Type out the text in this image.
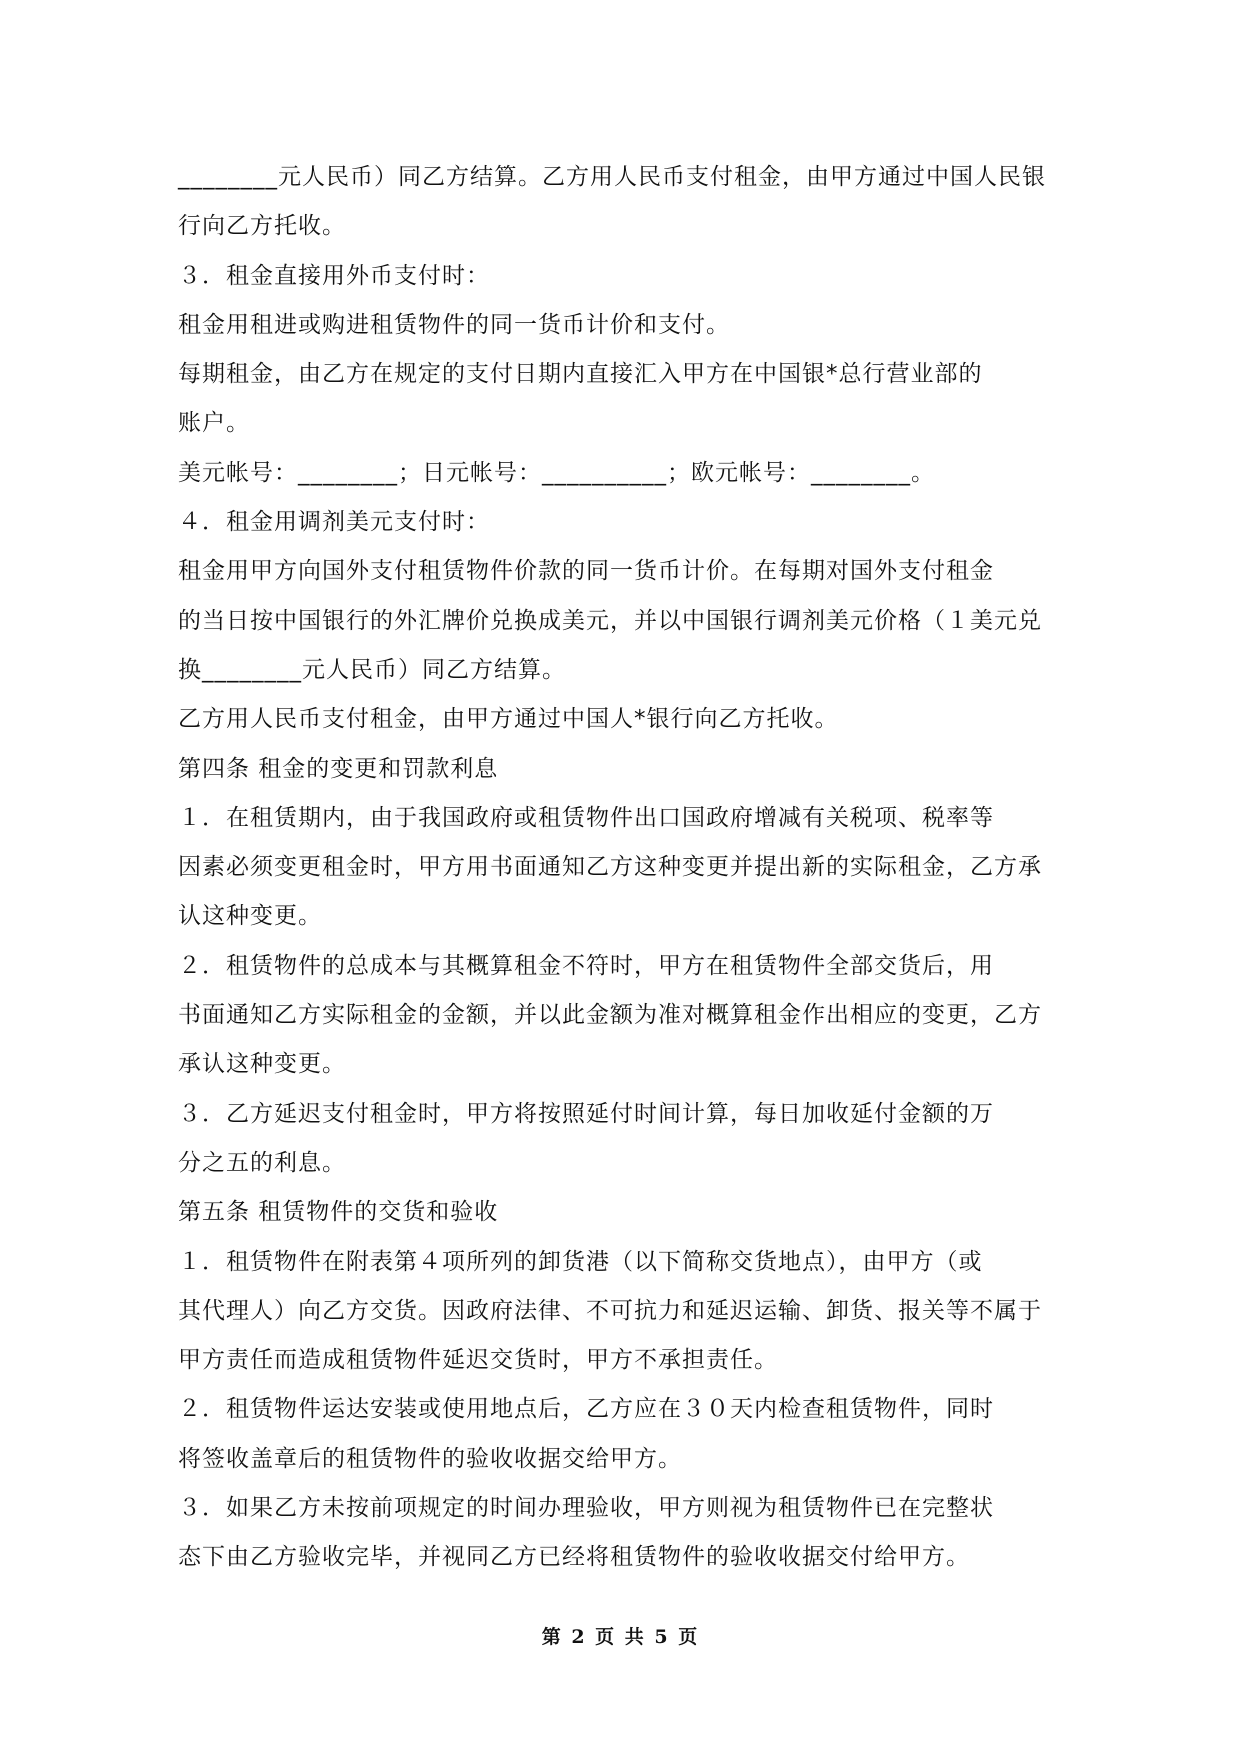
________元人民币）同乙方结算。乙方用人民币支付租金，由甲方通过中国人民银
行向乙方托收。
３．租金直接用外币支付时：
租金用租进或购进租赁物件的同一货币计价和支付。
每期租金，由乙方在规定的支付日期内直接汇入甲方在中国银*总行营业部的
账户。
美元帐号：________；日元帐号：__________；欧元帐号：________。
４．租金用调剂美元支付时：
租金用甲方向国外支付租赁物件价款的同一货币计价。在每期对国外支付租金
的当日按中国银行的外汇牌价兑换成美元，并以中国银行调剂美元价格（１美元兑
换________元人民币）同乙方结算。
乙方用人民币支付租金，由甲方通过中国人*银行向乙方托收。
第四条 租金的变更和罚款利息
１．在租赁期内，由于我国政府或租赁物件出口国政府增减有关税项、税率等
因素必须变更租金时，甲方用书面通知乙方这种变更并提出新的实际租金，乙方承
认这种变更。
２．租赁物件的总成本与其概算租金不符时，甲方在租赁物件全部交货后，用
书面通知乙方实际租金的金额，并以此金额为准对概算租金作出相应的变更，乙方
承认这种变更。
３．乙方延迟支付租金时，甲方将按照延付时间计算，每日加收延付金额的万
分之五的利息。
第五条 租赁物件的交货和验收
１．租赁物件在附表第４项所列的卸货港（以下简称交货地点），由甲方（或
其代理人）向乙方交货。因政府法律、不可抗力和延迟运输、卸货、报关等不属于
甲方责任而造成租赁物件延迟交货时，甲方不承担责任。
２．租赁物件运达安装或使用地点后，乙方应在３０天内检查租赁物件，同时
将签收盖章后的租赁物件的验收收据交给甲方。
３．如果乙方未按前项规定的时间办理验收，甲方则视为租赁物件已在完整状
态下由乙方验收完毕，并视同乙方已经将租赁物件的验收收据交付给甲方。
第 2 页 共 5 页
